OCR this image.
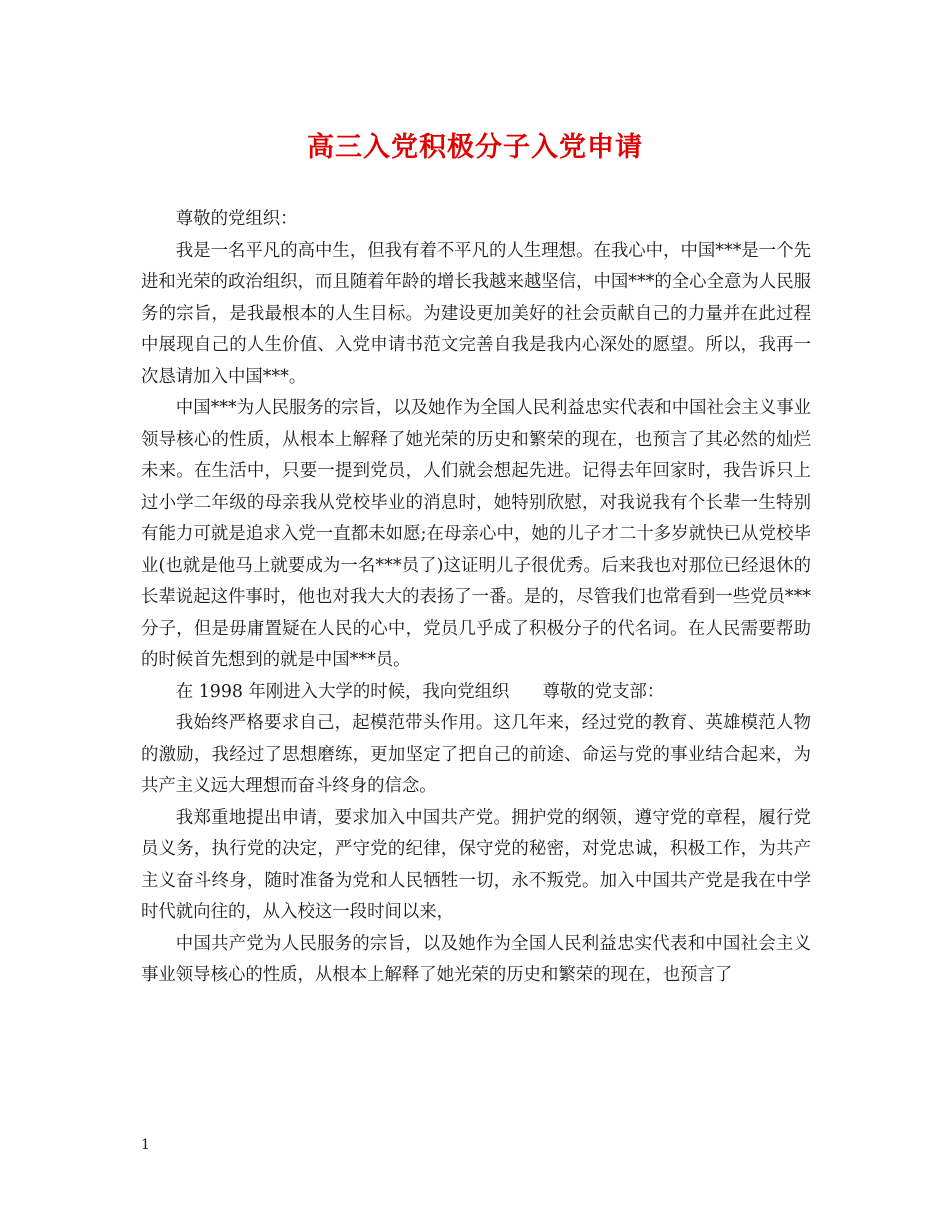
高三入党积极分子入党申请

尊敬的党组织：

我是一名平凡的高中生，但我有着不平凡的人生理想。在我心中，中国***是一个先进和光荣的政治组织，而且随着年龄的增长我越来越坚信，中国***的全心全意为人民服务的宗旨，是我最根本的人生目标。为建设更加美好的社会贡献自己的力量并在此过程中展现自己的人生价值、入党申请书范文完善自我是我内心深处的愿望。所以，我再一次恳请加入中国***。

中国***为人民服务的宗旨，以及她作为全国人民利益忠实代表和中国社会主义事业领导核心的性质，从根本上解释了她光荣的历史和繁荣的现在，也预言了其必然的灿烂未来。在生活中，只要一提到党员，人们就会想起先进。记得去年回家时，我告诉只上过小学二年级的母亲我从党校毕业的消息时，她特别欣慰，对我说我有个长辈一生特别有能力可就是追求入党一直都未如愿;在母亲心中，她的儿子才二十多岁就快已从党校毕业(也就是他马上就要成为一名***员了)这证明儿子很优秀。后来我也对那位已经退休的长辈说起这件事时，他也对我大大的表扬了一番。是的，尽管我们也常看到一些党员***分子，但是毋庸置疑在人民的心中，党员几乎成了积极分子的代名词。在人民需要帮助的时候首先想到的就是中国***员。

在 1998 年刚进入大学的时候，我向党组织      尊敬的党支部：

我始终严格要求自己，起模范带头作用。这几年来，经过党的教育、英雄模范人物的激励，我经过了思想磨练，更加坚定了把自己的前途、命运与党的事业结合起来，为共产主义远大理想而奋斗终身的信念。

我郑重地提出申请，要求加入中国共产党。拥护党的纲领，遵守党的章程，履行党员义务，执行党的决定，严守党的纪律，保守党的秘密，对党忠诚，积极工作，为共产主义奋斗终身，随时准备为党和人民牺牲一切，永不叛党。加入中国共产党是我在中学时代就向往的，从入校这一段时间以来，

中国共产党为人民服务的宗旨，以及她作为全国人民利益忠实代表和中国社会主义事业领导核心的性质，从根本上解释了她光荣的历史和繁荣的现在，也预言了

1
